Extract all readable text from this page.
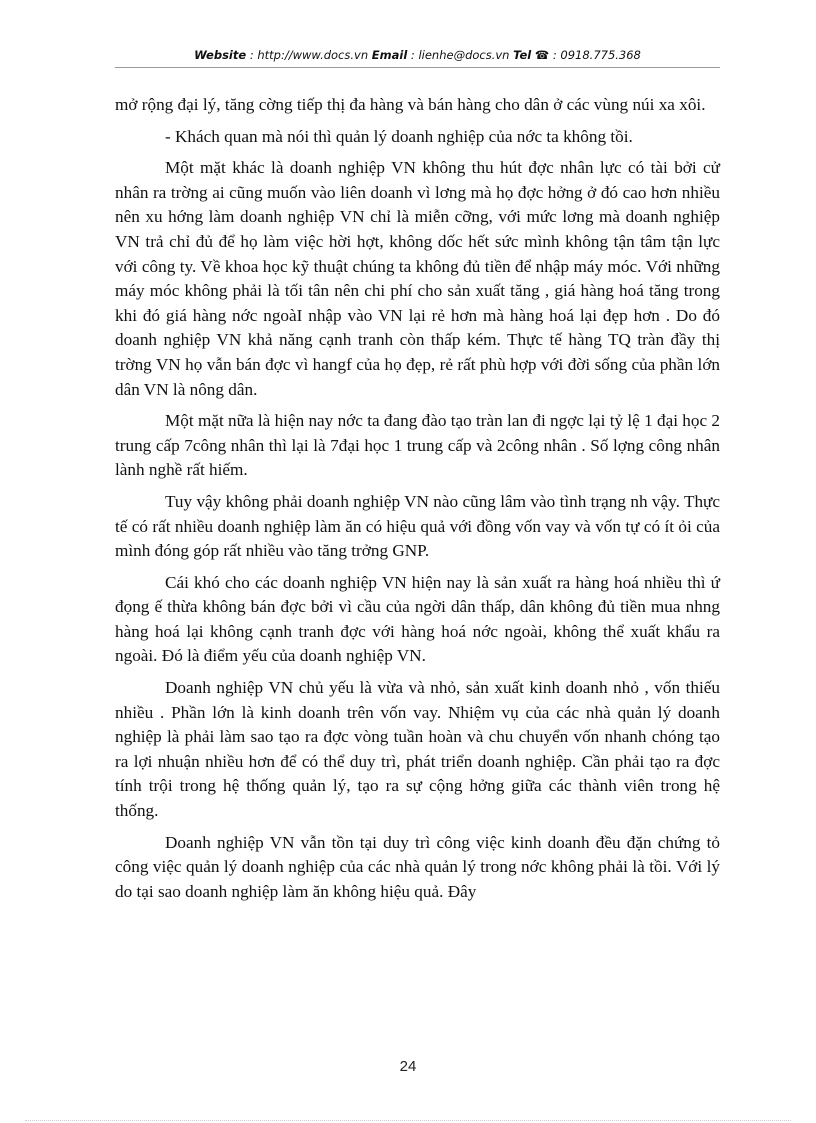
Website : http://www.docs.vn Email : lienhe@docs.vn Tel ☎ : 0918.775.368

mở rộng đại lý, tăng cờng tiếp thị đa hàng và bán hàng cho dân ở các vùng núi xa xôi.

- Khách quan mà nói thì quản lý doanh nghiệp của nớc ta không tồi.

Một mặt khác là doanh nghiệp VN không thu hút đợc nhân lực có tài bởi cử nhân ra trờng ai cũng muốn vào liên doanh vì lơng mà họ đợc hởng ở đó cao hơn nhiều nên xu hớng làm doanh nghiệp VN chỉ là miễn cỡng, với mức lơng mà doanh nghiệp VN trả chỉ đủ để họ làm việc hời hợt, không dốc hết sức mình không tận tâm tận lực với công ty. Về khoa học kỹ thuật chúng ta không đủ tiền để nhập máy móc. Với những máy móc không phải là tối tân nên chi phí cho sản xuất tăng , giá hàng hoá tăng trong khi đó giá hàng nớc ngoàI nhập vào VN lại rẻ hơn mà hàng hoá lại đẹp hơn . Do đó doanh nghiệp VN khả năng cạnh tranh còn thấp kém. Thực tế hàng TQ tràn đầy thị trờng VN họ vẫn bán đợc vì hangf của họ đẹp, rẻ rất phù hợp với đời sống của phần lớn dân VN là nông dân.

Một mặt nữa là hiện nay nớc ta đang đào tạo tràn lan đi ngợc lại tỷ lệ 1 đại học 2 trung cấp 7công nhân thì lại là 7đại học 1 trung cấp và 2công nhân . Số lợng công nhân lành nghề rất hiếm.

Tuy vậy không phải doanh nghiệp VN nào cũng lâm vào tình trạng nh vậy. Thực tế có rất nhiều doanh nghiệp làm ăn có hiệu quả với đồng vốn vay và vốn tự có ít ỏi của mình đóng góp rất nhiều vào tăng trởng GNP.

Cái khó cho các doanh nghiệp VN hiện nay là sản xuất ra hàng hoá nhiều thì ứ đọng ế thừa không bán đợc bởi vì cầu của ngời dân thấp, dân không đủ tiền mua nhng hàng hoá lại không cạnh tranh đợc với hàng hoá nớc ngoài, không thể xuất khẩu ra ngoài. Đó là điểm yếu của doanh nghiệp VN.

Doanh nghiệp VN chủ yếu là vừa và nhỏ, sản xuất kinh doanh nhỏ , vốn thiếu nhiều . Phần lớn là kinh doanh trên vốn vay. Nhiệm vụ của các nhà quản lý doanh nghiệp là phải làm sao tạo ra đợc vòng tuần hoàn và chu chuyển vốn nhanh chóng tạo ra lợi nhuận nhiều hơn để có thể duy trì, phát triển doanh nghiệp. Cần phải tạo ra đợc tính trội trong hệ thống quản lý, tạo ra sự cộng hởng giữa các thành viên trong hệ thống.

Doanh nghiệp VN vẫn tồn tại duy trì công việc kinh doanh đều đặn chứng tỏ công việc quản lý doanh nghiệp của các nhà quản lý trong nớc không phải là tồi. Với lý do tại sao doanh nghiệp làm ăn không hiệu quả. Đây

24
